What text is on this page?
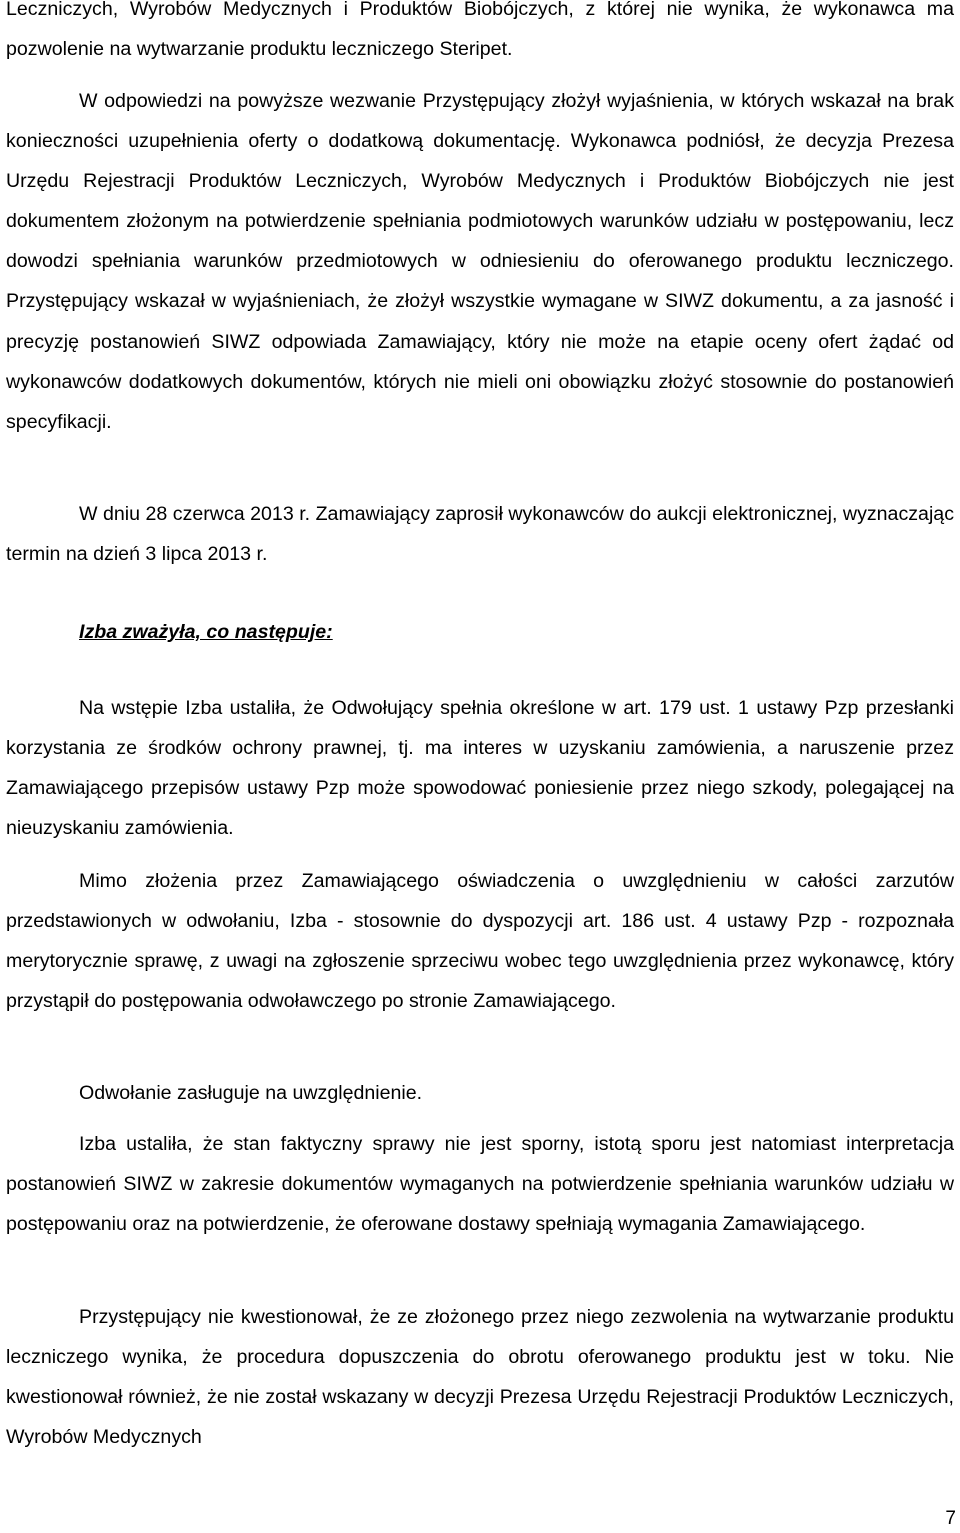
Leczniczych, Wyrobów Medycznych i Produktów Biobójczych, z której nie wynika, że wykonawca ma pozwolenie na wytwarzanie produktu leczniczego Steripet.

W odpowiedzi na powyższe wezwanie Przystępujący złożył wyjaśnienia, w których wskazał na brak konieczności uzupełnienia oferty o dodatkową dokumentację. Wykonawca podniósł, że decyzja Prezesa Urzędu Rejestracji Produktów Leczniczych, Wyrobów Medycznych i Produktów Biobójczych nie jest dokumentem złożonym na potwierdzenie spełniania podmiotowych warunków udziału w postępowaniu, lecz dowodzi spełniania warunków przedmiotowych w odniesieniu do oferowanego produktu leczniczego. Przystępujący wskazał w wyjaśnieniach, że złożył wszystkie wymagane w SIWZ dokumentu, a za jasność i precyzję postanowień SIWZ odpowiada Zamawiający, który nie może na etapie oceny ofert żądać od wykonawców dodatkowych dokumentów, których nie mieli oni obowiązku złożyć stosownie do postanowień specyfikacji.

W dniu 28 czerwca 2013 r. Zamawiający zaprosił wykonawców do aukcji elektronicznej, wyznaczając termin na dzień 3 lipca 2013 r.

Izba zważyła, co następuje:

Na wstępie Izba ustaliła, że Odwołujący spełnia określone w art. 179 ust. 1 ustawy Pzp przesłanki korzystania ze środków ochrony prawnej, tj. ma interes w uzyskaniu zamówienia, a naruszenie przez Zamawiającego przepisów ustawy Pzp może spowodować poniesienie przez niego szkody, polegającej na nieuzyskaniu zamówienia.

Mimo złożenia przez Zamawiającego oświadczenia o uwzględnieniu w całości zarzutów przedstawionych w odwołaniu, Izba - stosownie do dyspozycji art. 186 ust. 4 ustawy Pzp - rozpoznała merytorycznie sprawę, z uwagi na zgłoszenie sprzeciwu wobec tego uwzględnienia przez wykonawcę, który przystąpił do postępowania odwoławczego po stronie Zamawiającego.

Odwołanie zasługuje na uwzględnienie.

Izba ustaliła, że stan faktyczny sprawy nie jest sporny, istotą sporu jest natomiast interpretacja postanowień SIWZ w zakresie dokumentów wymaganych na potwierdzenie spełniania warunków udziału w postępowaniu oraz na potwierdzenie, że oferowane dostawy spełniają wymagania Zamawiającego.

Przystępujący nie kwestionował, że ze złożonego przez niego zezwolenia na wytwarzanie produktu leczniczego wynika, że procedura dopuszczenia do obrotu oferowanego produktu jest w toku. Nie kwestionował również, że nie został wskazany w decyzji Prezesa Urzędu Rejestracji Produktów Leczniczych, Wyrobów Medycznych

7
